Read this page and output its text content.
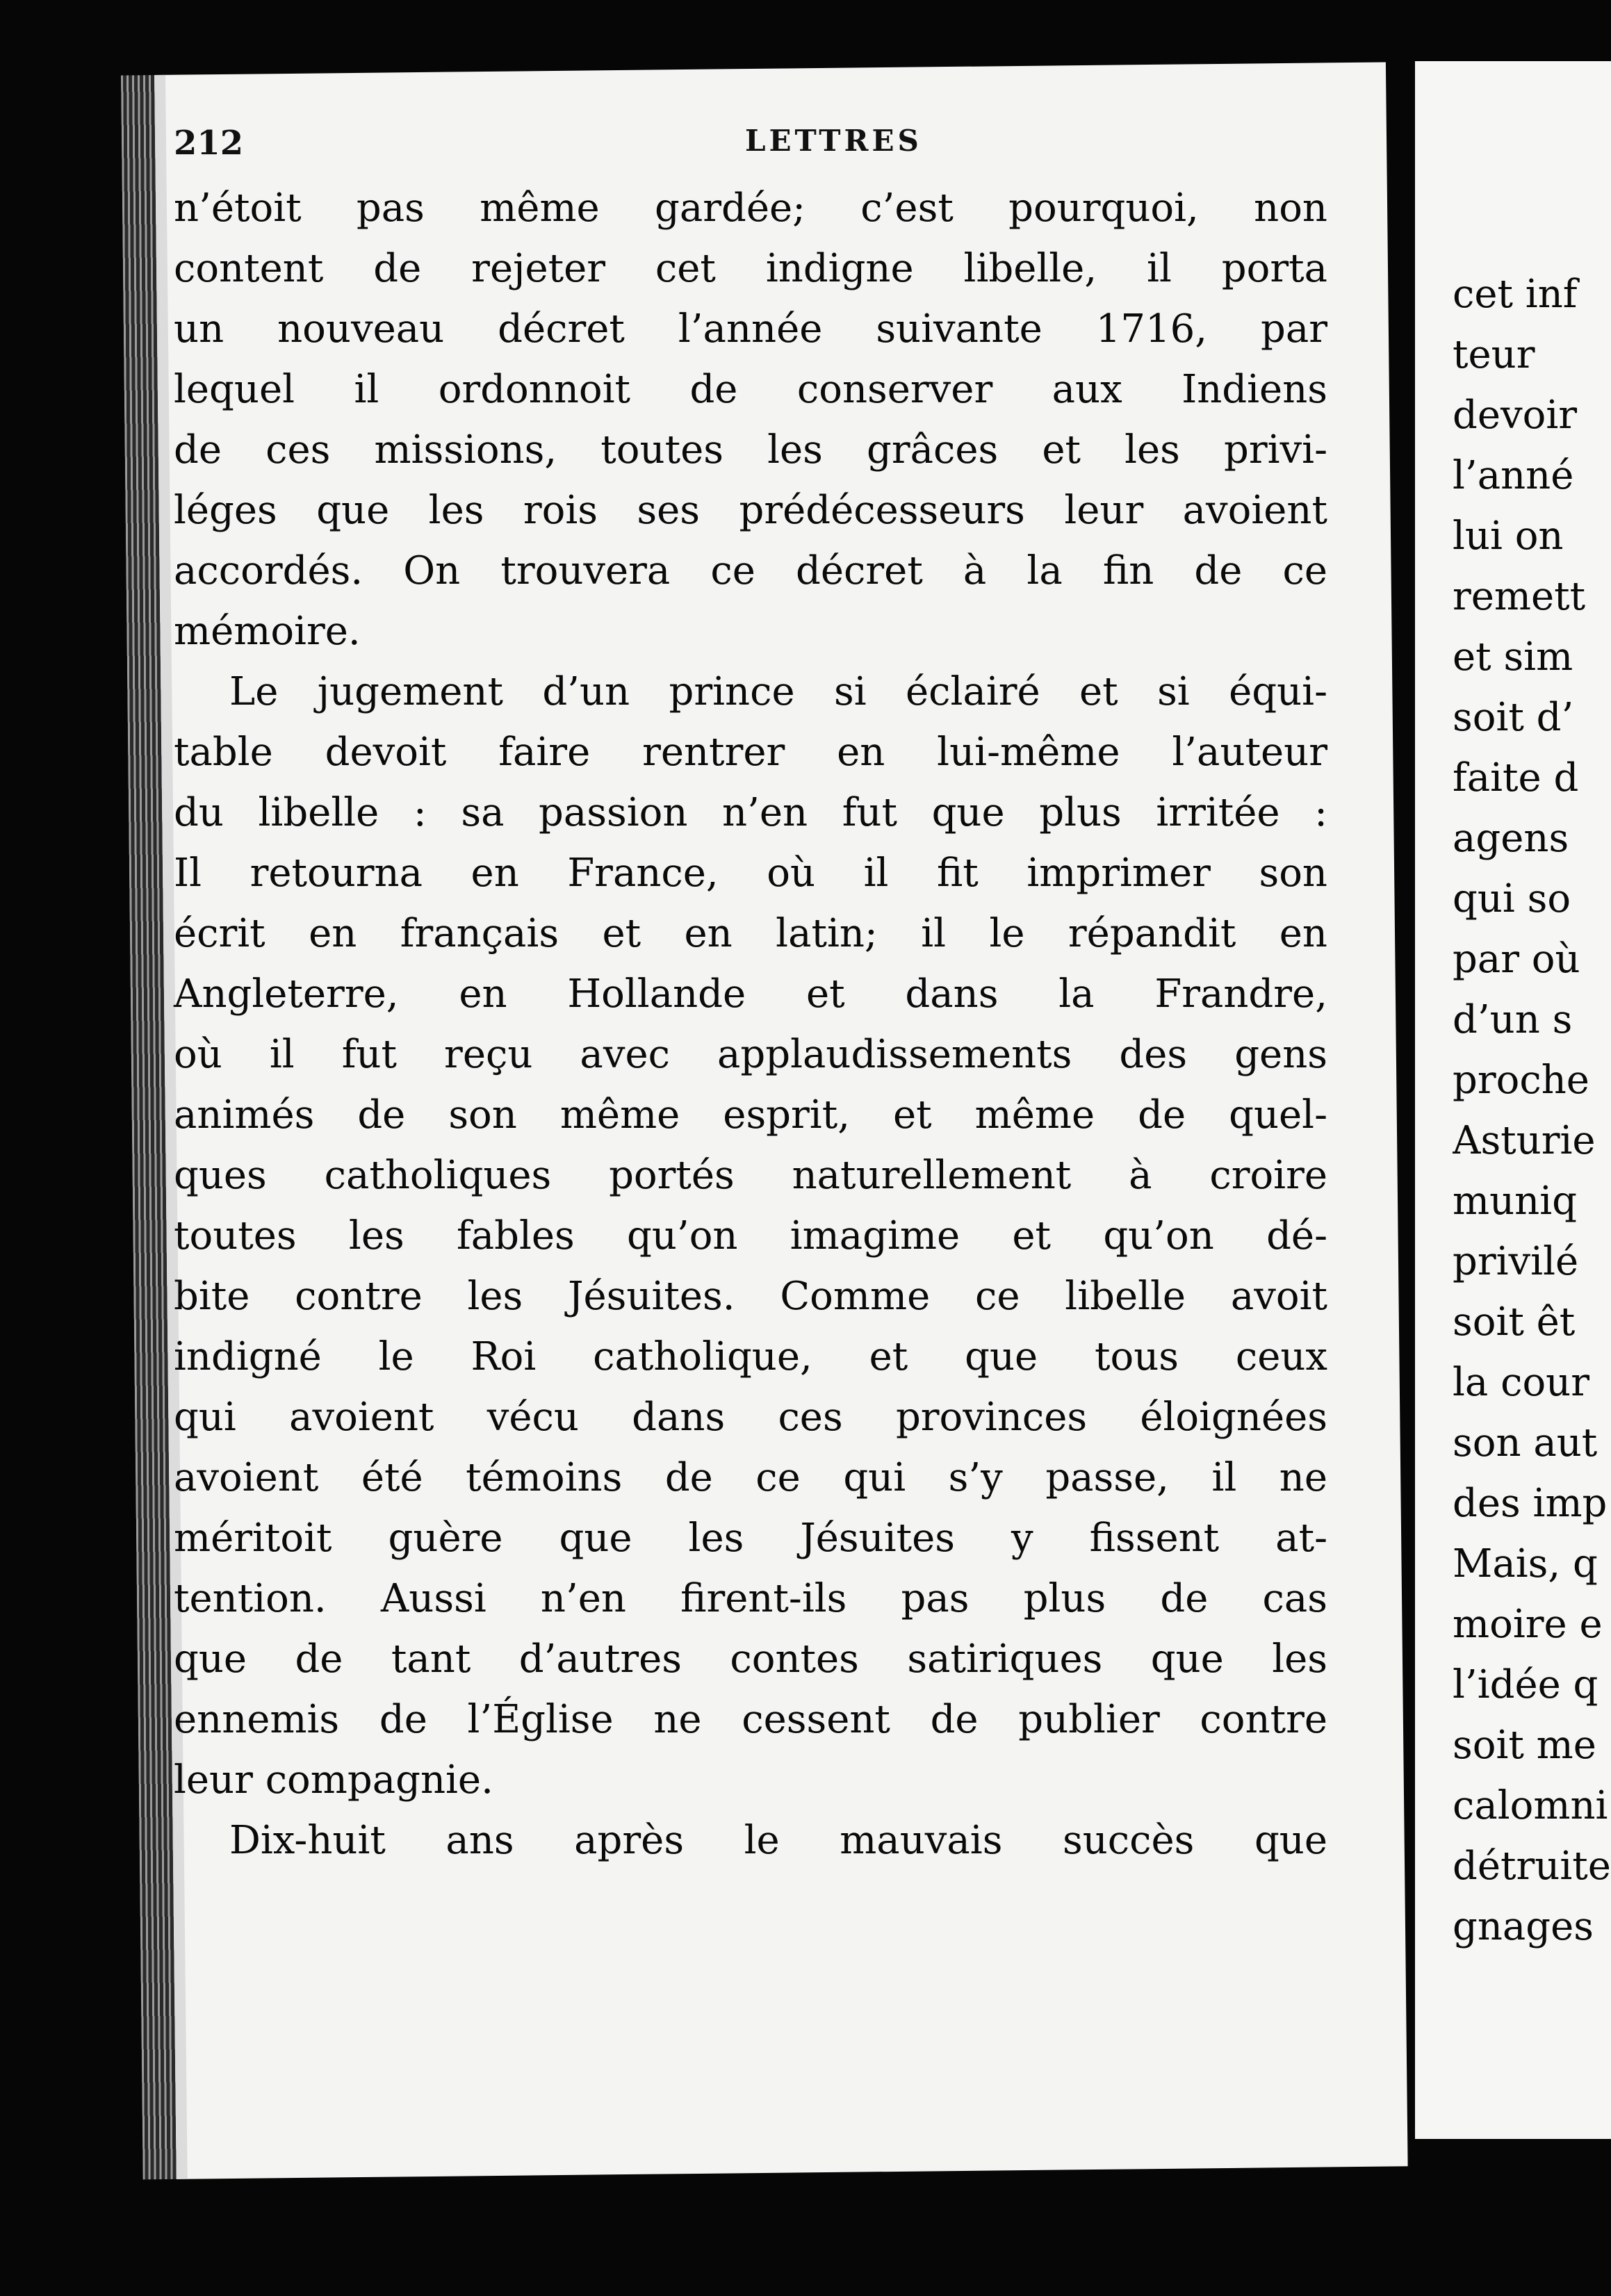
212	LETTRES
n’étoit pas même gardée; c’est pourquoi, non
content de rejeter cet indigne libelle, il porta
un nouveau décret l’année suivante 1716, par
lequel il ordonnoit de conserver aux Indiens
de ces missions, toutes les grâces et les privi-
léges que les rois ses prédécesseurs leur avoient
accordés. On trouvera ce décret à la fin de ce
mémoire.
Le jugement d’un prince si éclairé et si équi-
table devoit faire rentrer en lui-même l’auteur
du libelle : sa passion n’en fut que plus irritée :
Il retourna en France, où il fit imprimer son
écrit en français et en latin; il le répandit en
Angleterre, en Hollande et dans la Frandre,
où il fut reçu avec applaudissements des gens
animés de son même esprit, et même de quel-
ques catholiques portés naturellement à croire
toutes les fables qu’on imagime et qu’on dé-
bite contre les Jésuites. Comme ce libelle avoit
indigné le Roi catholique, et que tous ceux
qui avoient vécu dans ces provinces éloignées
avoient été témoins de ce qui s’y passe, il ne
méritoit guère que les Jésuites y fissent at-
tention. Aussi n’en firent-ils pas plus de cas
que de tant d’autres contes satiriques que les
ennemis de l’Église ne cessent de publier contre
leur compagnie.
Dix-huit ans après le mauvais succès que
cet inf
teur
devoir
l’anné
lui on
remett
et sim
soit d’
faite d
agens
qui so
par où
d’un s
proche
Asturie
muniq
privilé
soit êt
la cour
son aut
des imp
Mais, q
moire e
l’idée q
soit me
calomni
détruite
gnages
